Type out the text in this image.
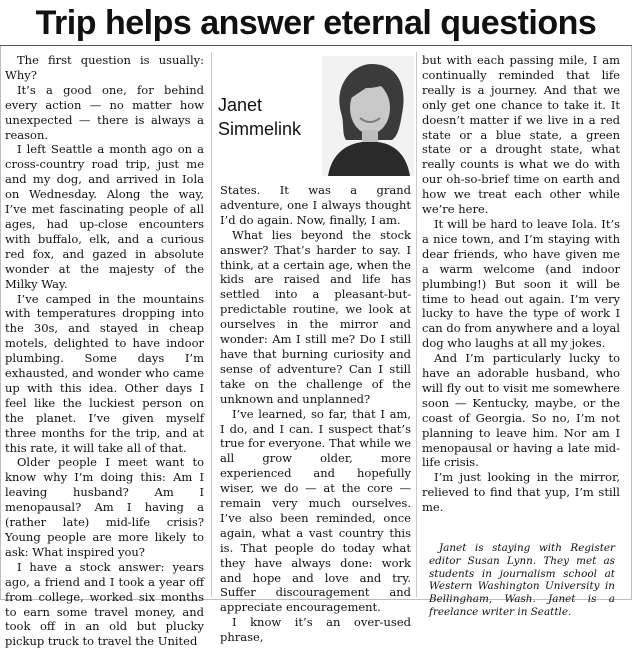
Trip helps answer eternal questions

The first question is usually: Why?

It’s a good one, for behind every action — no matter how unexpected — there is always a reason.

I left Seattle a month ago on a cross-country road trip, just me and my dog, and arrived in Iola on Wednesday. Along the way, I’ve met fascinating people of all ages, had up-close encounters with buffalo, elk, and a curious red fox, and gazed in absolute wonder at the majesty of the Milky Way.

I’ve camped in the mountains with temperatures dropping into the 30s, and stayed in cheap motels, delighted to have indoor plumbing. Some days I’m exhausted, and wonder who came up with this idea. Other days I feel like the luckiest person on the planet. I’ve given myself three months for the trip, and at this rate, it will take all of that.

Older people I meet want to know why I’m doing this: Am I leaving husband? Am I menopausal? Am I having a (rather late) mid-life crisis? Young people are more likely to ask: What inspired you?

I have a stock answer: years ago, a friend and I took a year off from college, worked six months to earn some travel money, and took off in an old but plucky pickup truck to travel the United

Janet
Simmelink

States. It was a grand adventure, one I always thought I’d do again. Now, finally, I am.

What lies beyond the stock answer? That’s harder to say. I think, at a certain age, when the kids are raised and life has settled into a pleasant-but-predictable routine, we look at ourselves in the mirror and wonder: Am I still me? Do I still have that burning curiosity and sense of adventure? Can I still take on the challenge of the unknown and unplanned?

I’ve learned, so far, that I am, I do, and I can. I suspect that’s true for everyone. That while we all grow older, more experienced and hopefully wiser, we do — at the core — remain very much ourselves. I’ve also been reminded, once again, what a vast country this is. That people do today what they have always done: work and hope and love and try. Suffer discouragement and appreciate encouragement.

I know it’s an over-used phrase,

but with each passing mile, I am continually reminded that life really is a journey. And that we only get one chance to take it. It doesn’t matter if we live in a red state or a blue state, a green state or a drought state, what really counts is what we do with our oh-so-brief time on earth and how we treat each other while we’re here.

It will be hard to leave Iola. It’s a nice town, and I’m staying with dear friends, who have given me a warm welcome (and indoor plumbing!) But soon it will be time to head out again. I’m very lucky to have the type of work I can do from anywhere and a loyal dog who laughs at all my jokes.

And I’m particularly lucky to have an adorable husband, who will fly out to visit me somewhere soon — Kentucky, maybe, or the coast of Georgia. So no, I’m not planning to leave him. Nor am I menopausal or having a late mid-life crisis.

I’m just looking in the mirror, relieved to find that yup, I’m still me.

Janet is staying with Register editor Susan Lynn. They met as students in journalism school at Western Washington University in Bellingham, Wash. Janet is a freelance writer in Seattle.
